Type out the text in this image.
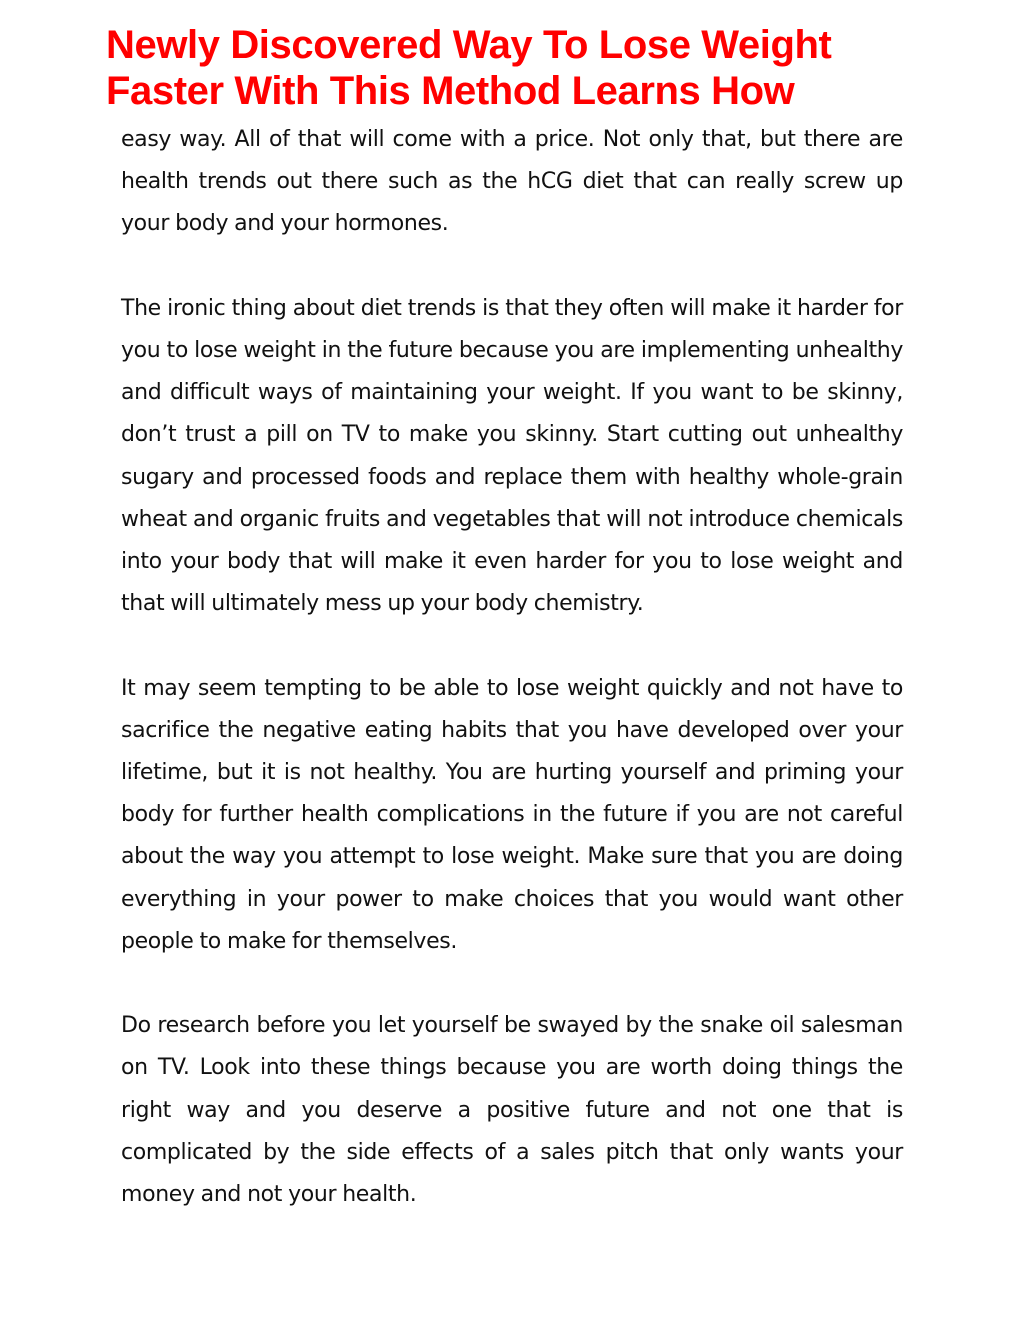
Newly Discovered Way To Lose Weight
Faster With This Method Learns How

easy way. All of that will come with a price. Not only that, but there are health trends out there such as the hCG diet that can really screw up your body and your hormones.

The ironic thing about diet trends is that they often will make it harder for you to lose weight in the future because you are implementing unhealthy and difficult ways of maintaining your weight. If you want to be skinny, don’t trust a pill on TV to make you skinny. Start cutting out unhealthy sugary and processed foods and replace them with healthy whole-grain wheat and organic fruits and vegetables that will not introduce chemicals into your body that will make it even harder for you to lose weight and that will ultimately mess up your body chemistry.

It may seem tempting to be able to lose weight quickly and not have to sacrifice the negative eating habits that you have developed over your lifetime, but it is not healthy. You are hurting yourself and priming your body for further health complications in the future if you are not careful about the way you attempt to lose weight. Make sure that you are doing everything in your power to make choices that you would want other people to make for themselves.

Do research before you let yourself be swayed by the snake oil salesman on TV. Look into these things because you are worth doing things the right way and you deserve a positive future and not one that is complicated by the side effects of a sales pitch that only wants your money and not your health.
